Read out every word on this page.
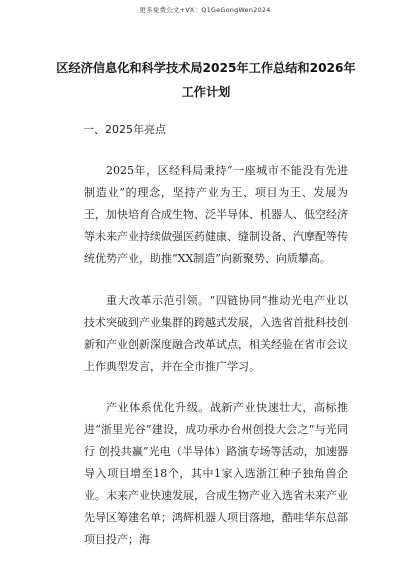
更多免费公文+VX：Q1GeGongWen2024
区经济信息化和科学技术局2025年工作总结和2026年工作计划
一、2025年亮点

2025年，区经科局秉持“一座城市不能没有先进制造业”的理念，坚持产业为王、项目为王、发展为王，加快培育合成生物、泛半导体、机器人、低空经济等未来产业持续做强医药健康、缝制设备、汽摩配等传统优势产业，助推“XX制造”向新聚势、向质攀高。

重大改革示范引领。“四链协同”推动光电产业以技术突破到产业集群的跨越式发展，入选省首批科技创新和产业创新深度融合改革试点，相关经验在省市会议上作典型发言，并在全市推广学习。

产业体系优化升级。战新产业快速壮大，高标推进“浙里光谷”建设，成功承办台州创投大会之“与光同行 创投共赢”光电（半导体）路演专场等活动，加速器导入项目增至18个，其中1家入选浙江种子独角兽企业。未来产业快速发展，合成生物产业入选省未来产业先导区筹建名单；鸿辉机器人项目落地，酷哇华东总部项目投产；海
